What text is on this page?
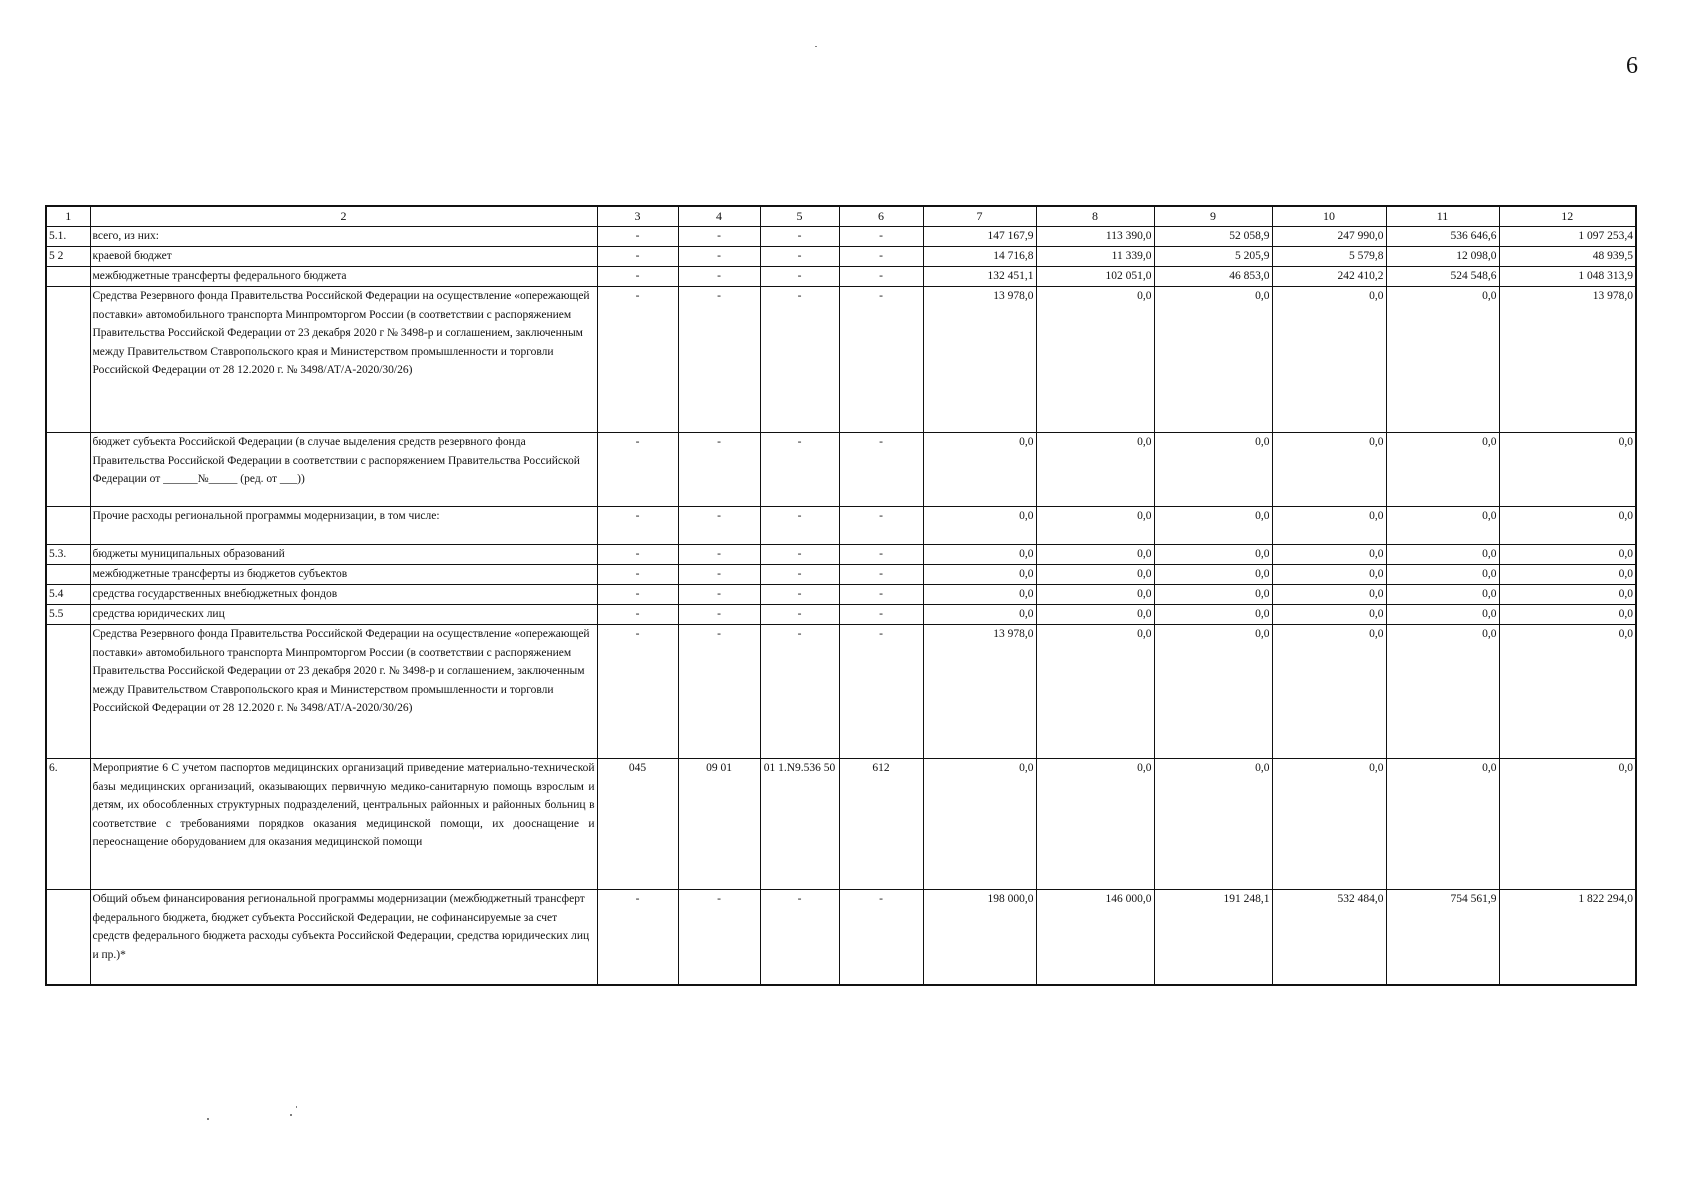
6
1	2	3	4	5	6	7	8	9	10	11	12
5.1.	всего, из них:	-	-	-	-	147 167,9	113 390,0	52 058,9	247 990,0	536 646,6	1 097 253,4
5 2	краевой бюджет	-	-	-	-	14 716,8	11 339,0	5 205,9	5 579,8	12 098,0	48 939,5
	межбюджетные трансферты федерального бюджета	-	-	-	-	132 451,1	102 051,0	46 853,0	242 410,2	524 548,6	1 048 313,9
	Средства Резервного фонда Правительства Российской Федерации на осуществление «опережающей поставки» автомобильного транспорта Минпромторгом России (в соответствии с распоряжением Правительства Российской Федерации от 23 декабря 2020 г № 3498-р и соглашением, заключенным между Правительством Ставропольского края и Министерством промышленности и торговли Российской Федерации от 28 12.2020 г. № 3498/АТ/А-2020/30/26)	-	-	-	-	13 978,0	0,0	0,0	0,0	0,0	13 978,0
	бюджет субъекта Российской Федерации (в случае выделения средств резервного фонда Правительства Российской Федерации в соответствии с распоряжением Правительства Российской Федерации от ______№_____ (ред. от ___))	-	-	-	-	0,0	0,0	0,0	0,0	0,0	0,0
	Прочие расходы региональной программы модернизации, в том числе:	-	-	-	-	0,0	0,0	0,0	0,0	0,0	0,0
5.3.	бюджеты муниципальных образований	-	-	-	-	0,0	0,0	0,0	0,0	0,0	0,0
	межбюджетные трансферты из бюджетов субъектов	-	-	-	-	0,0	0,0	0,0	0,0	0,0	0,0
5.4	средства государственных внебюджетных фондов	-	-	-	-	0,0	0,0	0,0	0,0	0,0	0,0
5.5	средства юридических лиц	-	-	-	-	0,0	0,0	0,0	0,0	0,0	0,0
	Средства Резервного фонда Правительства Российской Федерации на осуществление «опережающей поставки» автомобильного транспорта Минпромторгом России (в соответствии с распоряжением Правительства Российской Федерации от 23 декабря 2020 г. № 3498-р и соглашением, заключенным между Правительством Ставропольского края и Министерством промышленности и торговли Российской Федерации от 28 12.2020 г. № 3498/АТ/А-2020/30/26)	-	-	-	-	13 978,0	0,0	0,0	0,0	0,0	0,0
6.	Мероприятие 6 С учетом паспортов медицинских организаций приведение материально-технической базы медицинских организаций, оказывающих первичную медико-санитарную помощь взрослым и детям, их обособленных структурных подразделений, центральных районных и районных больниц в соответствие с требованиями порядков оказания медицинской помощи, их дооснащение и переоснащение оборудованием для оказания медицинской помощи	045	09 01	01 1.N9.536 50	612	0,0	0,0	0,0	0,0	0,0	0,0
	Общий объем финансирования региональной программы модернизации (межбюджетный трансферт федерального бюджета, бюджет субъекта Российской Федерации, не софинансируемые за счет средств федерального бюджета расходы субъекта Российской Федерации, средства юридических лиц и пр.)*	-	-	-	-	198 000,0	146 000,0	191 248,1	532 484,0	754 561,9	1 822 294,0
